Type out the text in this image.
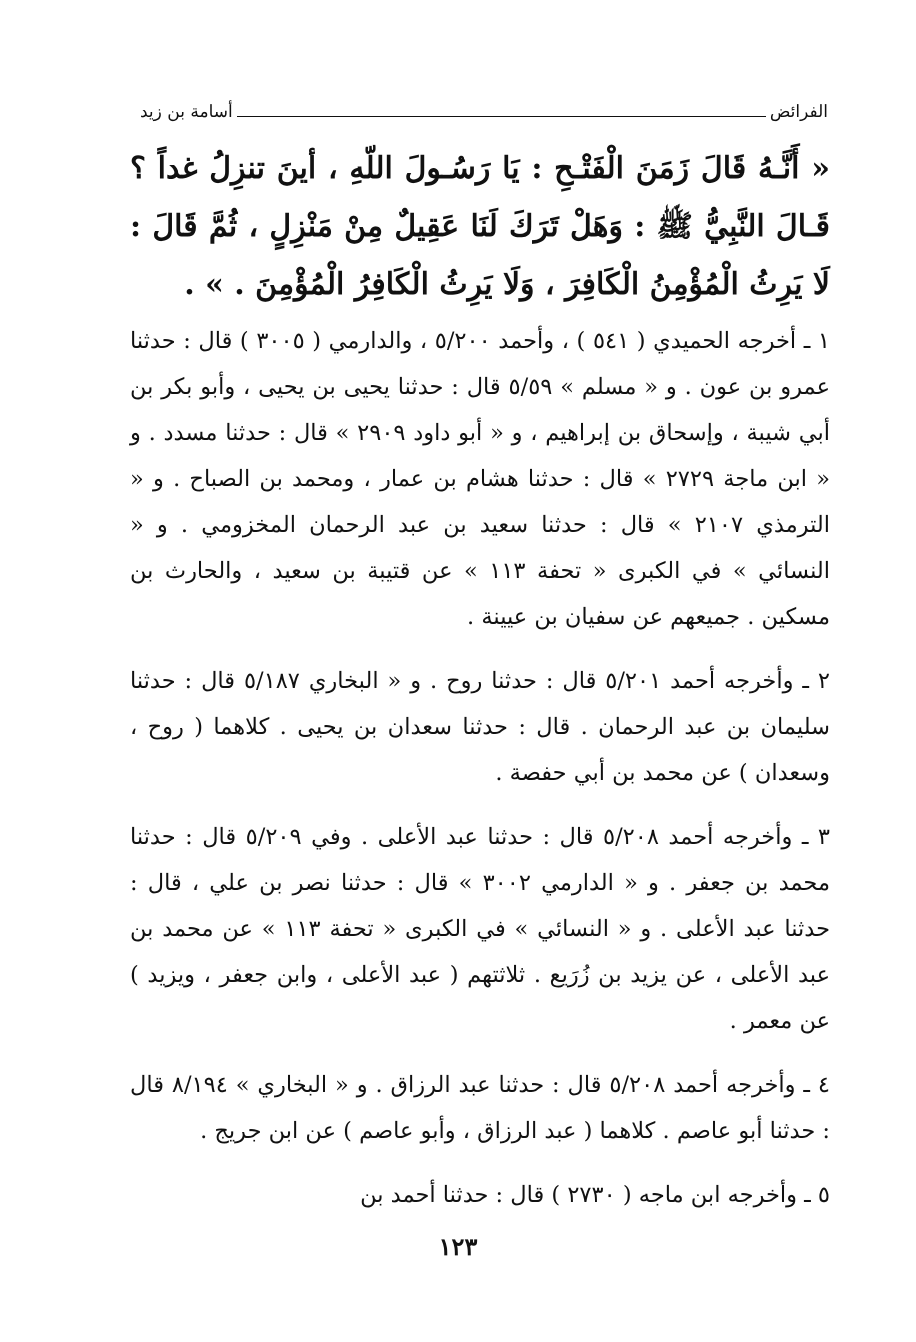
الفرائض
أسامة بن زيد
« أَنَّـهُ قَالَ زَمَنَ الْفَتْـحِ : يَا رَسُـولَ اللّهِ ، أينَ تنزِلُ غداً ؟ قَـالَ النَّبِيُّ ﷺ : وَهَلْ تَرَكَ لَنَا عَقِيلٌ مِنْ مَنْزِلٍ ، ثُمَّ قَالَ : لَا يَرِثُ الْمُؤْمِنُ الْكَافِرَ ، وَلَا يَرِثُ الْكَافِرُ الْمُؤْمِنَ . » .

١ ـ أخرجه الحميدي ( ٥٤١ ) ، وأحمد ٥/٢٠٠ ، والدارمي ( ٣٠٠٥ ) قال : حدثنا عمرو بن عون . و « مسلم » ٥/٥٩ قال : حدثنا يحيى بن يحيى ، وأبو بكر بن أبي شيبة ، وإسحاق بن إبراهيم ، و « أبو داود ٢٩٠٩ » قال : حدثنا مسدد . و « ابن ماجة ٢٧٢٩ » قال : حدثنا هشام بن عمار ، ومحمد بن الصباح . و « الترمذي ٢١٠٧ » قال : حدثنا سعيد بن عبد الرحمان المخزومي . و « النسائي » في الكبرى « تحفة ١١٣ » عن قتيبة بن سعيد ، والحارث بن مسكين . جميعهم عن سفيان بن عيينة .

٢ ـ وأخرجه أحمد ٥/٢٠١ قال : حدثنا روح . و « البخاري ٥/١٨٧ قال : حدثنا سليمان بن عبد الرحمان . قال : حدثنا سعدان بن يحيى . كلاهما ( روح ، وسعدان ) عن محمد بن أبي حفصة .

٣ ـ وأخرجه أحمد ٥/٢٠٨ قال : حدثنا عبد الأعلى . وفي ٥/٢٠٩ قال : حدثنا محمد بن جعفر . و « الدارمي ٣٠٠٢ » قال : حدثنا نصر بن علي ، قال : حدثنا عبد الأعلى . و « النسائي » في الكبرى « تحفة ١١٣ » عن محمد بن عبد الأعلى ، عن يزيد بن زُرَيع . ثلاثتهم ( عبد الأعلى ، وابن جعفر ، ويزيد ) عن معمر .

٤ ـ وأخرجه أحمد ٥/٢٠٨ قال : حدثنا عبد الرزاق . و « البخاري » ٨/١٩٤ قال : حدثنا أبو عاصم . كلاهما ( عبد الرزاق ، وأبو عاصم ) عن ابن جريج .

٥ ـ وأخرجه ابن ماجه ( ٢٧٣٠ ) قال : حدثنا أحمد بن

١٢٣
